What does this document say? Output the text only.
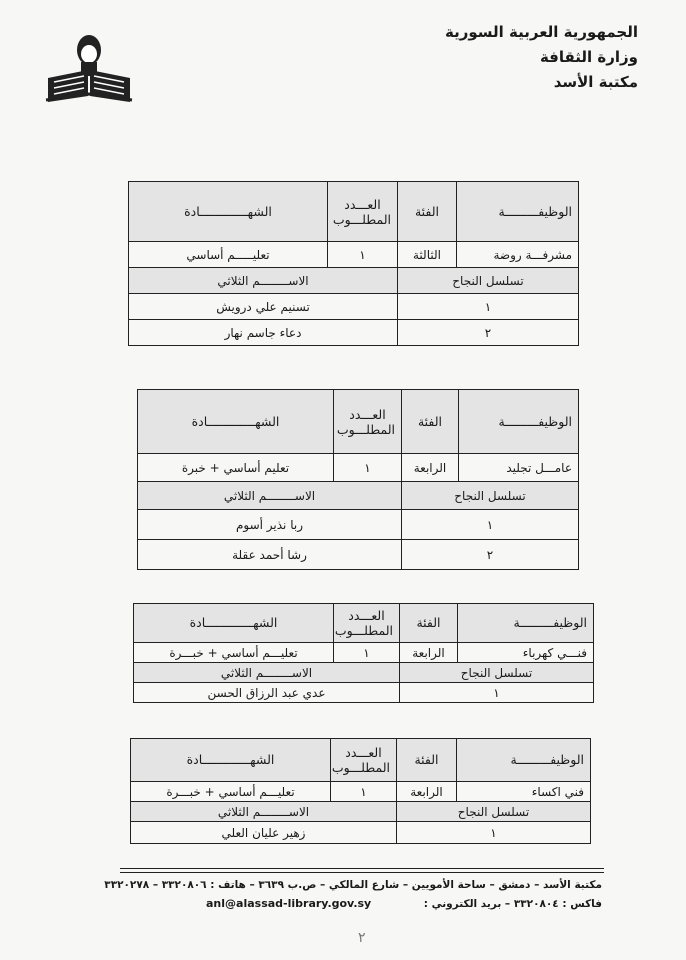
الجمهورية العربية السورية
وزارة الثقافة
مكتبة الأسد
الوظيفـــــــــة	الفئة	العـــدد المطلـــوب	الشهـــــــــــــادة
مشرفـــة روضة	الثالثة	١	تعليـــــم أساسي
تسلسل النجاح		الاســــــــم الثلاثي	
١		تسنيم علي درويش	
٢		دعاء جاسم نهار	
الوظيفـــــــــة	الفئة	العـــدد المطلـــوب	الشهـــــــــــــادة
عامـــل تجليد	الرابعة	١	تعليم أساسي + خبرة
تسلسل النجاح		الاســــــــم الثلاثي	
١		ربا نذير أسوم	
٢		رشا أحمد عقلة	
الوظيفـــــــــة	الفئة	العـــدد المطلـــوب	الشهـــــــــــــادة
فنـــي كهرباء	الرابعة	١	تعليـــم أساسي + خبـــرة
تسلسل النجاح		الاســــــــم الثلاثي	
١		عدي عبد الرزاق الحسن	
الوظيفـــــــــة	الفئة	العـــدد المطلـــوب	الشهـــــــــــــادة
فني اكساء	الرابعة	١	تعليـــم أساسي + خبـــرة
تسلسل النجاح		الاســــــــم الثلاثي	
١		زهير عليان العلي	
مكتبة الأسد – دمشق – ساحة الأمويين – شارع المالكي – ص.ب ٣٦٣٩ – هاتف : ٣٣٢٠٨٠٦ – ٣٣٢٠٢٧٨
فاكس : ٣٣٢٠٨٠٤ – بريد الكتروني :
anl@alassad-library.gov.sy
٢
